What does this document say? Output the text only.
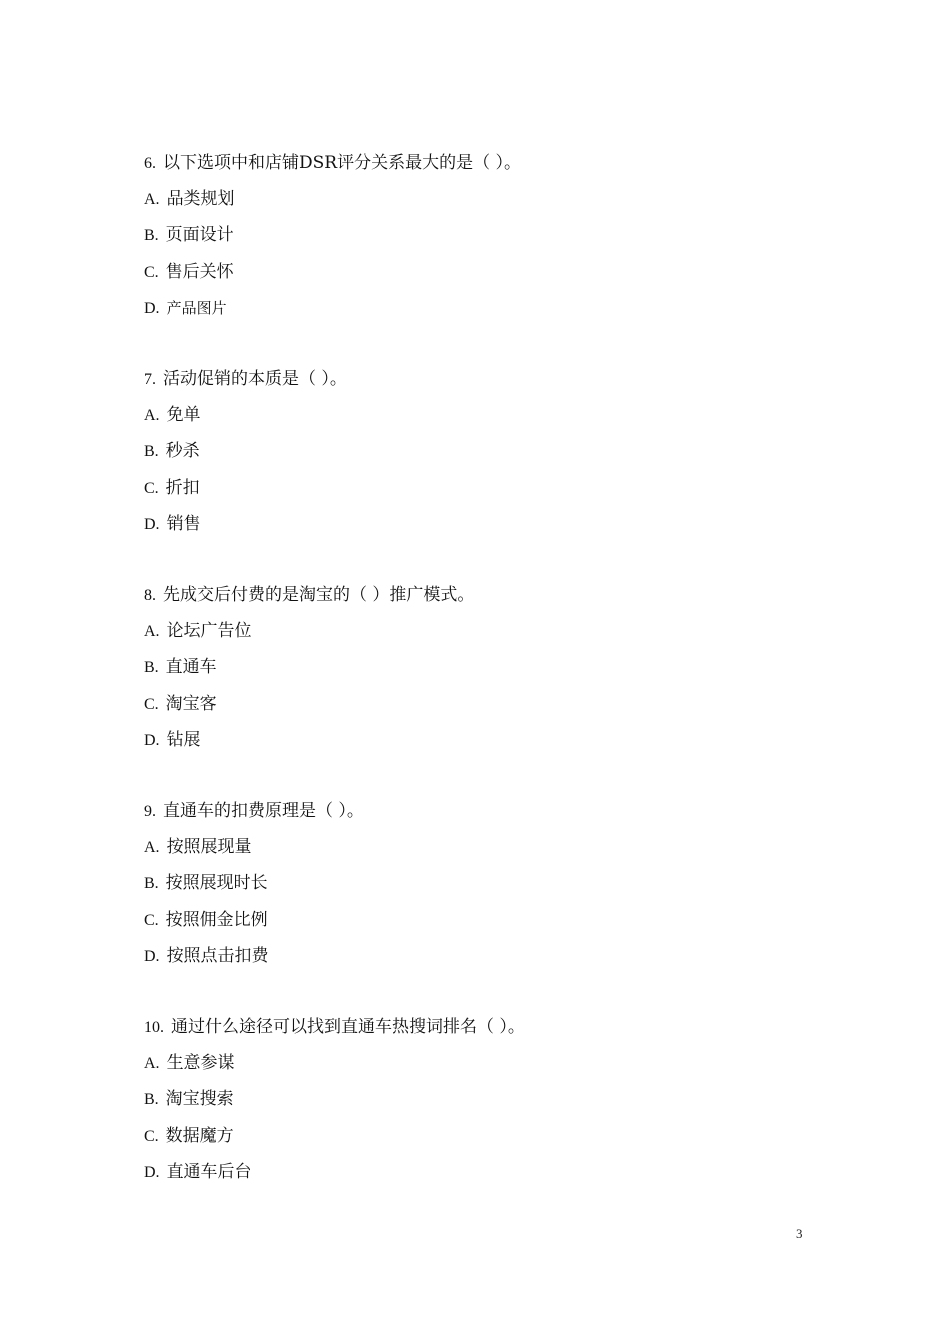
6. 以下选项中和店铺DSR评分关系最大的是（ ）。
A. 品类规划
B. 页面设计
C. 售后关怀
D. 产品图片
7. 活动促销的本质是（ ）。
A. 免单
B. 秒杀
C. 折扣
D. 销售
8. 先成交后付费的是淘宝的（ ）推广模式。
A. 论坛广告位
B. 直通车
C. 淘宝客
D. 钻展
9. 直通车的扣费原理是（ ）。
A. 按照展现量
B. 按照展现时长
C. 按照佣金比例
D. 按照点击扣费
10. 通过什么途径可以找到直通车热搜词排名（ ）。
A. 生意参谋
B. 淘宝搜索
C. 数据魔方
D. 直通车后台
3
